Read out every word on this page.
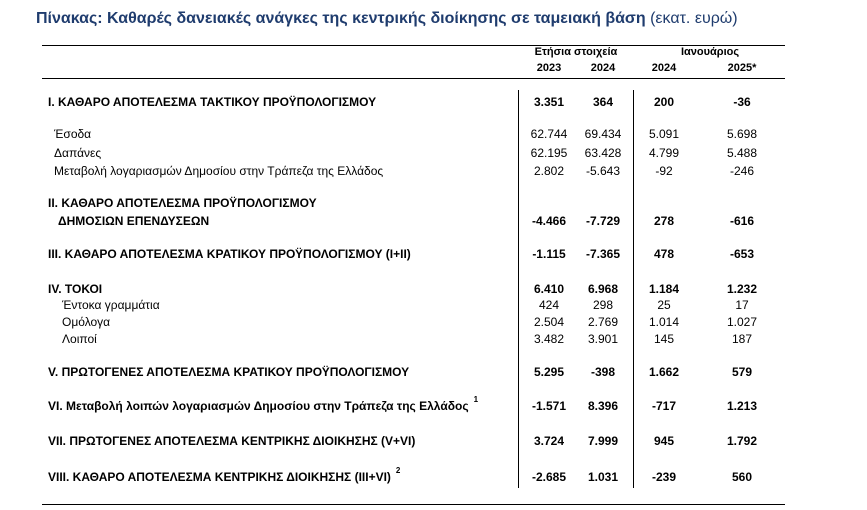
Πίνακας: Καθαρές δανειακές ανάγκες της κεντρικής διοίκησης σε ταμειακή βάση (εκατ. ευρώ)
Ετήσια στοιχεία	Ιανουάριος
2023	2024	2024	2025*
I. ΚΑΘΑΡΟ ΑΠΟΤΕΛΕΣΜΑ ΤΑΚΤΙΚΟΥ ΠΡΟΫΠΟΛΟΓΙΣΜΟΥ	3.351	364	200	-36
Έσοδα	62.744	69.434	5.091	5.698
Δαπάνες	62.195	63.428	4.799	5.488
Μεταβολή λογαριασμών Δημοσίου στην Τράπεζα της Ελλάδος	2.802	-5.643	-92	-246
II. ΚΑΘΑΡΟ ΑΠΟΤΕΛΕΣΜΑ ΠΡΟΫΠΟΛΟΓΙΣΜΟΥ
ΔΗΜΟΣΙΩΝ ΕΠΕΝΔΥΣΕΩΝ	-4.466	-7.729	278	-616
III. ΚΑΘΑΡΟ ΑΠΟΤΕΛΕΣΜΑ ΚΡΑΤΙΚΟΥ ΠΡΟΫΠΟΛΟΓΙΣΜΟΥ (I+II)	-1.115	-7.365	478	-653
IV. ΤΟΚΟΙ	6.410	6.968	1.184	1.232
Έντοκα γραμμάτια	424	298	25	17
Ομόλογα	2.504	2.769	1.014	1.027
Λοιποί	3.482	3.901	145	187
V. ΠΡΩΤΟΓΕΝΕΣ ΑΠΟΤΕΛΕΣΜΑ ΚΡΑΤΙΚΟΥ ΠΡΟΫΠΟΛΟΓΙΣΜΟΥ	5.295	-398	1.662	579
VI. Μεταβολή λοιπών λογαριασμών Δημοσίου στην Τράπεζα της Ελλάδος 1	-1.571	8.396	-717	1.213
VII. ΠΡΩΤΟΓΕΝΕΣ ΑΠΟΤΕΛΕΣΜΑ ΚΕΝΤΡΙΚΗΣ ΔΙΟΙΚΗΣΗΣ (V+VI)	3.724	7.999	945	1.792
VIII. ΚΑΘΑΡΟ ΑΠΟΤΕΛΕΣΜΑ ΚΕΝΤΡΙΚΗΣ ΔΙΟΙΚΗΣΗΣ (III+VI) 2	-2.685	1.031	-239	560
